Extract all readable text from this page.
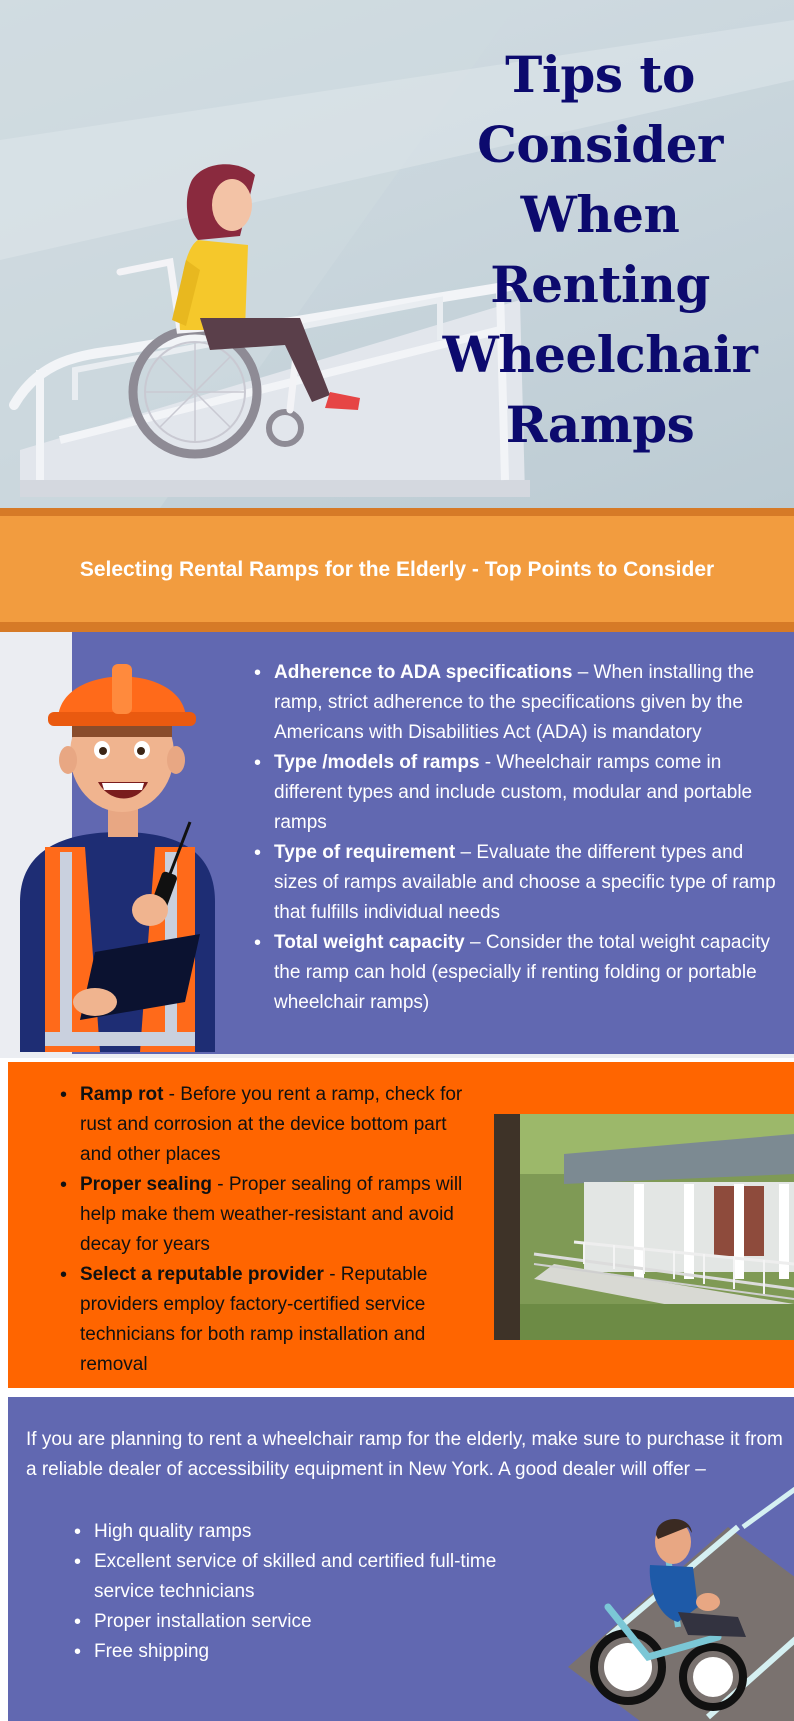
Tips to
Consider
When
Renting
Wheelchair
Ramps
Selecting Rental Ramps for the Elderly - Top Points to Consider
• Adherence to ADA specifications – When installing the ramp, strict adherence to the specifications given by the Americans with Disabilities Act (ADA) is mandatory
• Type /models of ramps - Wheelchair ramps come in different types and include custom, modular and portable ramps
• Type of requirement – Evaluate the different types and sizes of ramps available and choose a specific type of ramp that fulfills individual needs
• Total weight capacity – Consider the total weight capacity the ramp can hold (especially if renting folding or portable wheelchair ramps)
• Ramp rot - Before you rent a ramp, check for rust and corrosion at the device bottom part and other places
• Proper sealing - Proper sealing of ramps will help make them weather-resistant and avoid decay for years
• Select a reputable provider - Reputable providers employ factory-certified service technicians for both ramp installation and removal

If you are planning to rent a wheelchair ramp for the elderly, make sure to purchase it from a reliable dealer of accessibility equipment in New York. A good dealer will offer –

• High quality ramps
• Excellent service of skilled and certified full-time service technicians
• Proper installation service
• Free shipping
